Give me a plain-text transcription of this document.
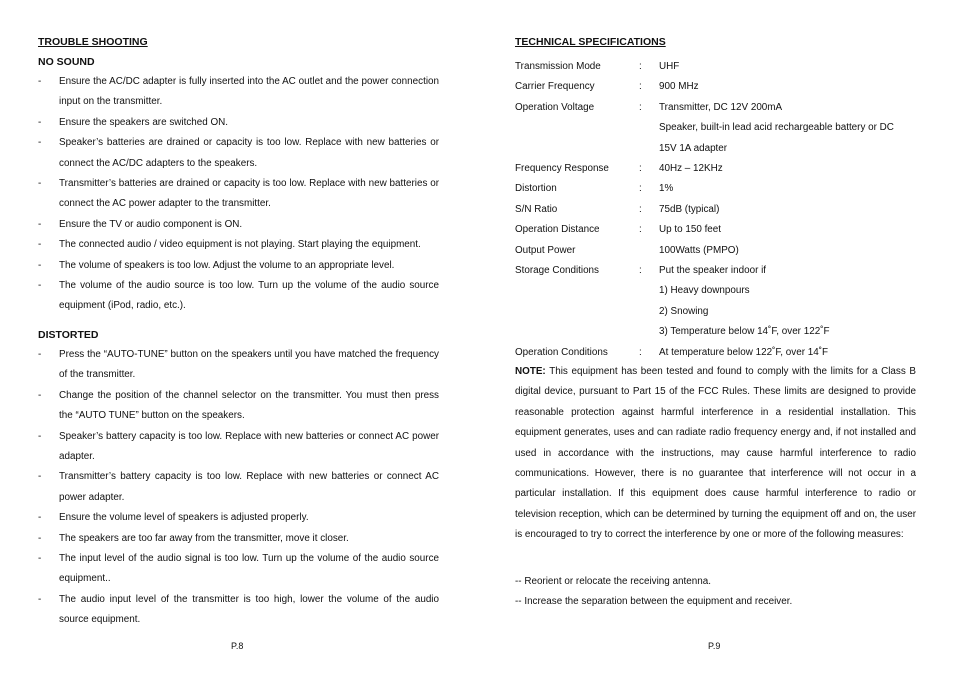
TROUBLE SHOOTING
NO SOUND
- Ensure the AC/DC adapter is fully inserted into the AC outlet and the power connection input on the transmitter.
- Ensure the speakers are switched ON.
- Speaker’s batteries are drained or capacity is too low. Replace with new batteries or connect the AC/DC adapters to the speakers.
- Transmitter’s batteries are drained or capacity is too low. Replace with new batteries or connect the AC power adapter to the transmitter.
- Ensure the TV or audio component is ON.
- The connected audio / video equipment is not playing. Start playing the equipment.
- The volume of speakers is too low. Adjust the volume to an appropriate level.
- The volume of the audio source is too low. Turn up the volume of the audio source equipment (iPod, radio, etc.).
DISTORTED
- Press the “AUTO-TUNE” button on the speakers until you have matched the frequency of the transmitter.
- Change the position of the channel selector on the transmitter. You must then press the “AUTO TUNE” button on the speakers.
- Speaker’s battery capacity is too low. Replace with new batteries or connect AC power adapter.
- Transmitter’s battery capacity is too low. Replace with new batteries or connect AC power adapter.
- Ensure the volume level of speakers is adjusted properly.
- The speakers are too far away from the transmitter, move it closer.
- The input level of the audio signal is too low. Turn up the volume of the audio source equipment..
- The audio input level of the transmitter is too high, lower the volume of the audio source equipment.
P.8
TECHNICAL SPECIFICATIONS
Transmission Mode	: UHF
Carrier Frequency	: 900 MHz
Operation Voltage	: Transmitter, DC 12V 200mA
Speaker, built-in lead acid rechargeable battery or DC
15V 1A adapter
Frequency Response	: 40Hz – 12KHz
Distortion	: 1%
S/N Ratio	: 75dB (typical)
Operation Distance	: Up to 150 feet
Output Power	100Watts (PMPO)
Storage Conditions	: Put the speaker indoor if
1) Heavy downpours
2) Snowing
3) Temperature below 14˚F, over 122˚F
Operation Conditions	: At temperature below 122˚F, over 14˚F

NOTE: This equipment has been tested and found to comply with the limits for a Class B digital device, pursuant to Part 15 of the FCC Rules. These limits are designed to provide reasonable protection against harmful interference in a residential installation. This equipment generates, uses and can radiate radio frequency energy and, if not installed and used in accordance with the instructions, may cause harmful interference to radio communications. However, there is no guarantee that interference will not occur in a particular installation. If this equipment does cause harmful interference to radio or television reception, which can be determined by turning the equipment off and on, the user is encouraged to try to correct the interference by one or more of the following measures:

-- Reorient or relocate the receiving antenna.
-- Increase the separation between the equipment and receiver.
P.9
